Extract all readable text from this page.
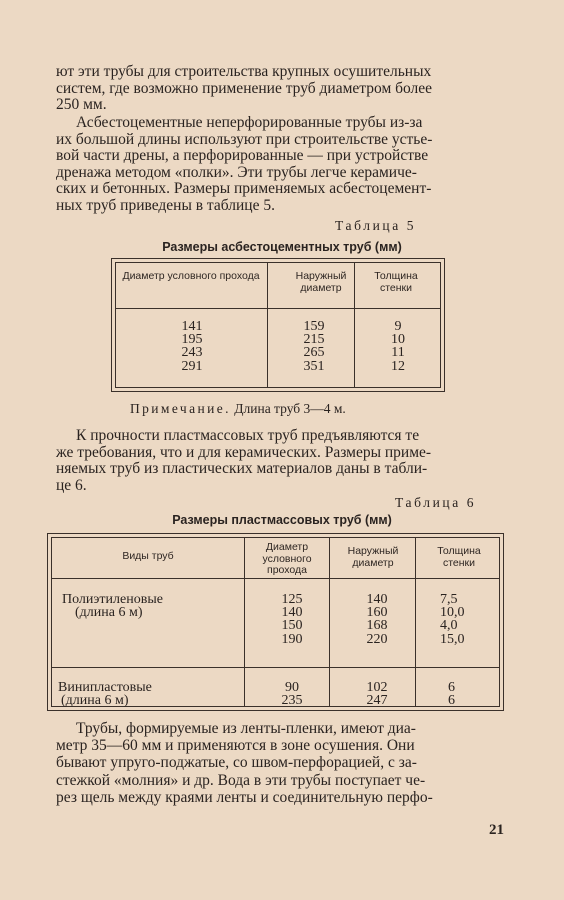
ют эти трубы для строительства крупных осушительных
систем, где возможно применение труб диаметром более
250 мм.

Асбестоцементные неперфорированные трубы из-за
их большой длины используют при строительстве устье-
вой части дрены, а перфорированные — при устройстве
дренажа методом «полки». Эти трубы легче керамиче-
ских и бетонных. Размеры применяемых асбестоцемент-
ных труб приведены в таблице 5.

Таблица 5
Размеры асбестоцементных труб (мм)
Диаметр условного прохода	Наружный диаметр
Толщина стенки
141
195
243
291
159
215
265
351
9
10
11
12
Примечание. Длина труб 3—4 м.

К прочности пластмассовых труб предъявляются те
же требования, что и для керамических. Размеры приме-
няемых труб из пластических материалов даны в табли-
це 6.

Таблица 6
Размеры пластмассовых труб (мм)
Виды труб
Диаметр условного прохода
Наружный диаметр
Толщина стенки
Полиэтиленовые
(длина 6 м)
125
140
150
190
140
160
168
220
7,5
10,0
4,0
15,0
Винипластовые
(длина 6 м)
90
235
102
247
6
6

Трубы, формируемые из ленты-пленки, имеют диа-
метр 35—60 мм и применяются в зоне осушения. Они
бывают упруго-поджатые, со швом-перфорацией, с за-
стежкой «молния» и др. Вода в эти трубы поступает че-
рез щель между краями ленты и соединительную перфо-

21
